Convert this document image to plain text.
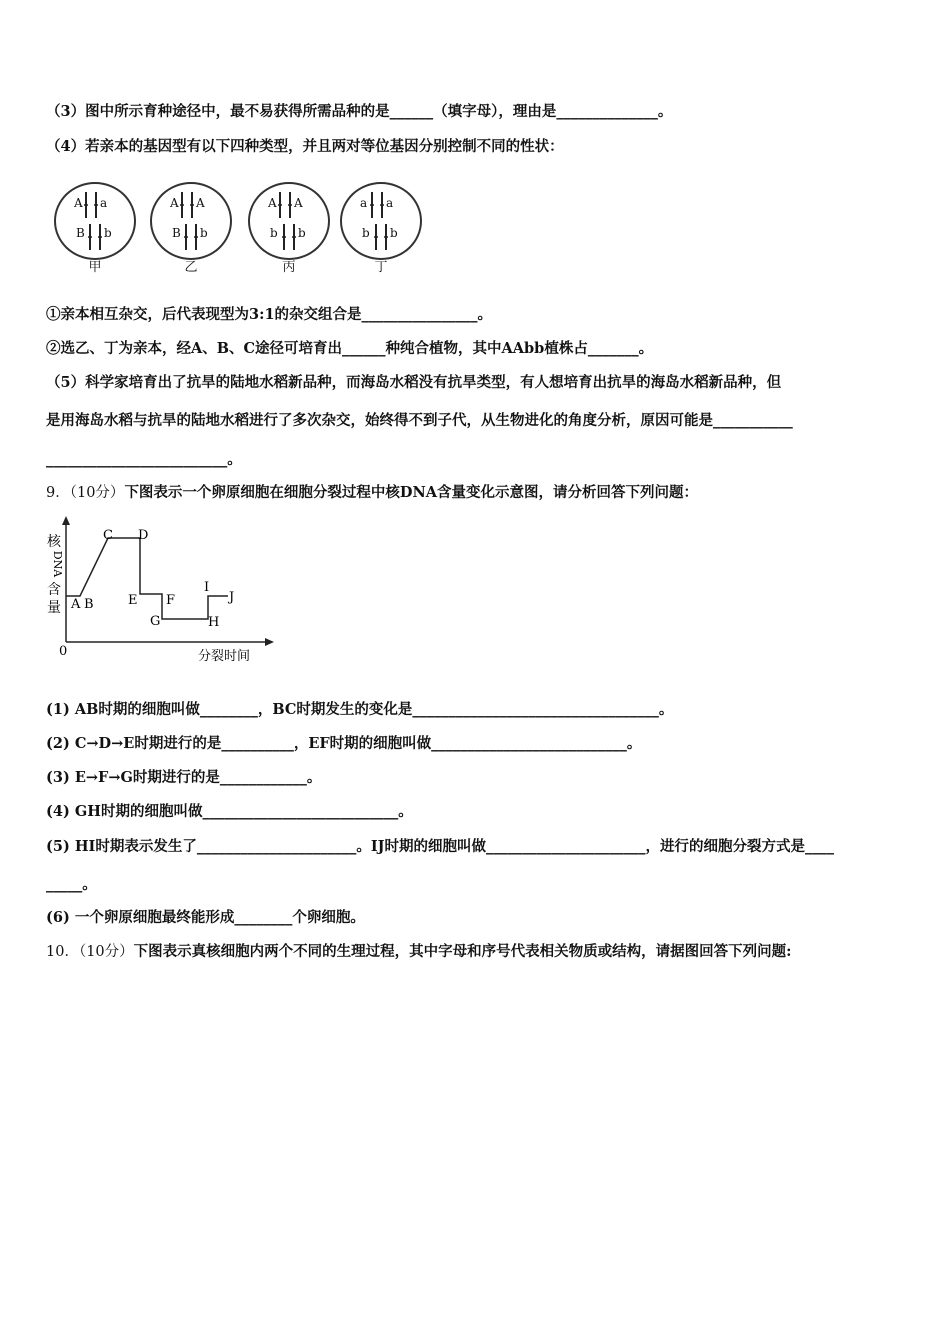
（3）图中所示育种途径中，最不易获得所需品种的是______（填字母），理由是______________。
（4）若亲本的基因型有以下四种类型，并且两对等位基因分别控制不同的性状：
A a
B b
甲
A A
B b
乙
A A
b b
丙
a a
b b
丁
①亲本相互杂交，后代表现型为3:1的杂交组合是________________。
②选乙、丁为亲本，经A、B、C途径可培育出______种纯合植物，其中AAbb植株占_______。
（5）科学家培育出了抗旱的陆地水稻新品种，而海岛水稻没有抗旱类型，有人想培育出抗旱的海岛水稻新品种，但
是用海岛水稻与抗旱的陆地水稻进行了多次杂交，始终得不到子代，从生物进化的角度分析，原因可能是___________
_________________________。
9．（10分）下图表示一个卵原细胞在细胞分裂过程中核DNA含量变化示意图，请分析回答下列问题：
核
DNA
含
量 A B
C D
E F
G	H
I
J
0	分裂时间
(1) AB时期的细胞叫做________，BC时期发生的变化是__________________________________。
(2) C→D→E时期进行的是__________，EF时期的细胞叫做___________________________。
(3) E→F→G时期进行的是____________。
(4) GH时期的细胞叫做___________________________。
(5) HI时期表示发生了______________________。IJ时期的细胞叫做______________________，进行的细胞分裂方式是____
_____。
(6) 一个卵原细胞最终能形成________个卵细胞。
10．（10分）下图表示真核细胞内两个不同的生理过程，其中字母和序号代表相关物质或结构，请据图回答下列问题:
